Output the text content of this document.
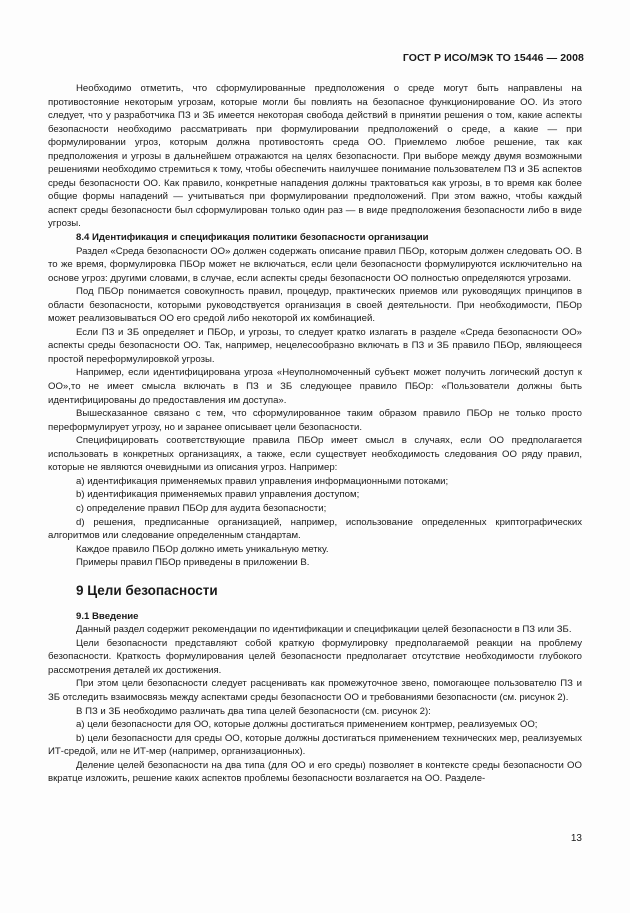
ГОСТ Р ИСО/МЭК ТО 15446 — 2008

Необходимо отметить, что сформулированные предположения о среде могут быть направлены на противостояние некоторым угрозам, которые могли бы повлиять на безопасное функционирование ОО. Из этого следует, что у разработчика ПЗ и ЗБ имеется некоторая свобода действий в принятии решения о том, какие аспекты безопасности необходимо рассматривать при формулировании предположений о среде, а какие — при формулировании угроз, которым должна противостоять среда ОО. Приемлемо любое решение, так как предположения и угрозы в дальнейшем отражаются на целях безопасности. При выборе между двумя возможными решениями необходимо стремиться к тому, чтобы обеспечить наилучшее понимание пользователем ПЗ и ЗБ аспектов среды безопасности ОО. Как правило, конкретные нападения должны трактоваться как угрозы, в то время как более общие формы нападений — учитываться при формулировании предположений. При этом важно, чтобы каждый аспект среды безопасности был сформулирован только один раз — в виде предположения безопасности либо в виде угрозы.

8.4 Идентификация и спецификация политики безопасности организации

Раздел «Среда безопасности ОО» должен содержать описание правил ПБОр, которым должен следовать ОО. В то же время, формулировка ПБОр может не включаться, если цели безопасности формулируются исключительно на основе угроз: другими словами, в случае, если аспекты среды безопасности ОО полностью определяются угрозами.

Под ПБОр понимается совокупность правил, процедур, практических приемов или руководящих принципов в области безопасности, которыми руководствуется организация в своей деятельности. При необходимости, ПБОр может реализовываться ОО его средой либо некоторой их комбинацией.

Если ПЗ и ЗБ определяет и ПБОр, и угрозы, то следует кратко излагать в разделе «Среда безопасности ОО» аспекты среды безопасности ОО. Так, например, нецелесообразно включать в ПЗ и ЗБ правило ПБОр, являющееся простой переформулировкой угрозы.

Например, если идентифицирована угроза «Неуполномоченный субъект может получить логический доступ к ОО»,то не имеет смысла включать в ПЗ и ЗБ следующее правило ПБОр: «Пользователи должны быть идентифицированы до предоставления им доступа».

Вышесказанное связано с тем, что сформулированное таким образом правило ПБОр не только просто переформулирует угрозу, но и заранее описывает цели безопасности.

Специфицировать соответствующие правила ПБОр имеет смысл в случаях, если ОО предполагается использовать в конкретных организациях, а также, если существует необходимость следования ОО ряду правил, которые не являются очевидными из описания угроз. Например:

a) идентификация применяемых правил управления информационными потоками;

b) идентификация применяемых правил управления доступом;

c) определение правил ПБОр для аудита безопасности;

d) решения, предписанные организацией, например, использование определенных криптографических алгоритмов или следование определенным стандартам.

Каждое правило ПБОр должно иметь уникальную метку.

Примеры правил ПБОр приведены в приложении В.

9 Цели безопасности

9.1 Введение

Данный раздел содержит рекомендации по идентификации и спецификации целей безопасности в ПЗ или ЗБ.

Цели безопасности представляют собой краткую формулировку предполагаемой реакции на проблему безопасности. Краткость формулирования целей безопасности предполагает отсутствие необходимости глубокого рассмотрения деталей их достижения.

При этом цели безопасности следует расценивать как промежуточное звено, помогающее пользователю ПЗ и ЗБ отследить взаимосвязь между аспектами среды безопасности ОО и требованиями безопасности (см. рисунок 2).

В ПЗ и ЗБ необходимо различать два типа целей безопасности (см. рисунок 2):

a) цели безопасности для ОО, которые должны достигаться применением контрмер, реализуемых ОО;

b) цели безопасности для среды ОО, которые должны достигаться применением технических мер, реализуемых ИТ-средой, или не ИТ-мер (например, организационных).

Деление целей безопасности на два типа (для ОО и его среды) позволяет в контексте среды безопасности ОО вкратце изложить, решение каких аспектов проблемы безопасности возлагается на ОО. Разделе-

13
